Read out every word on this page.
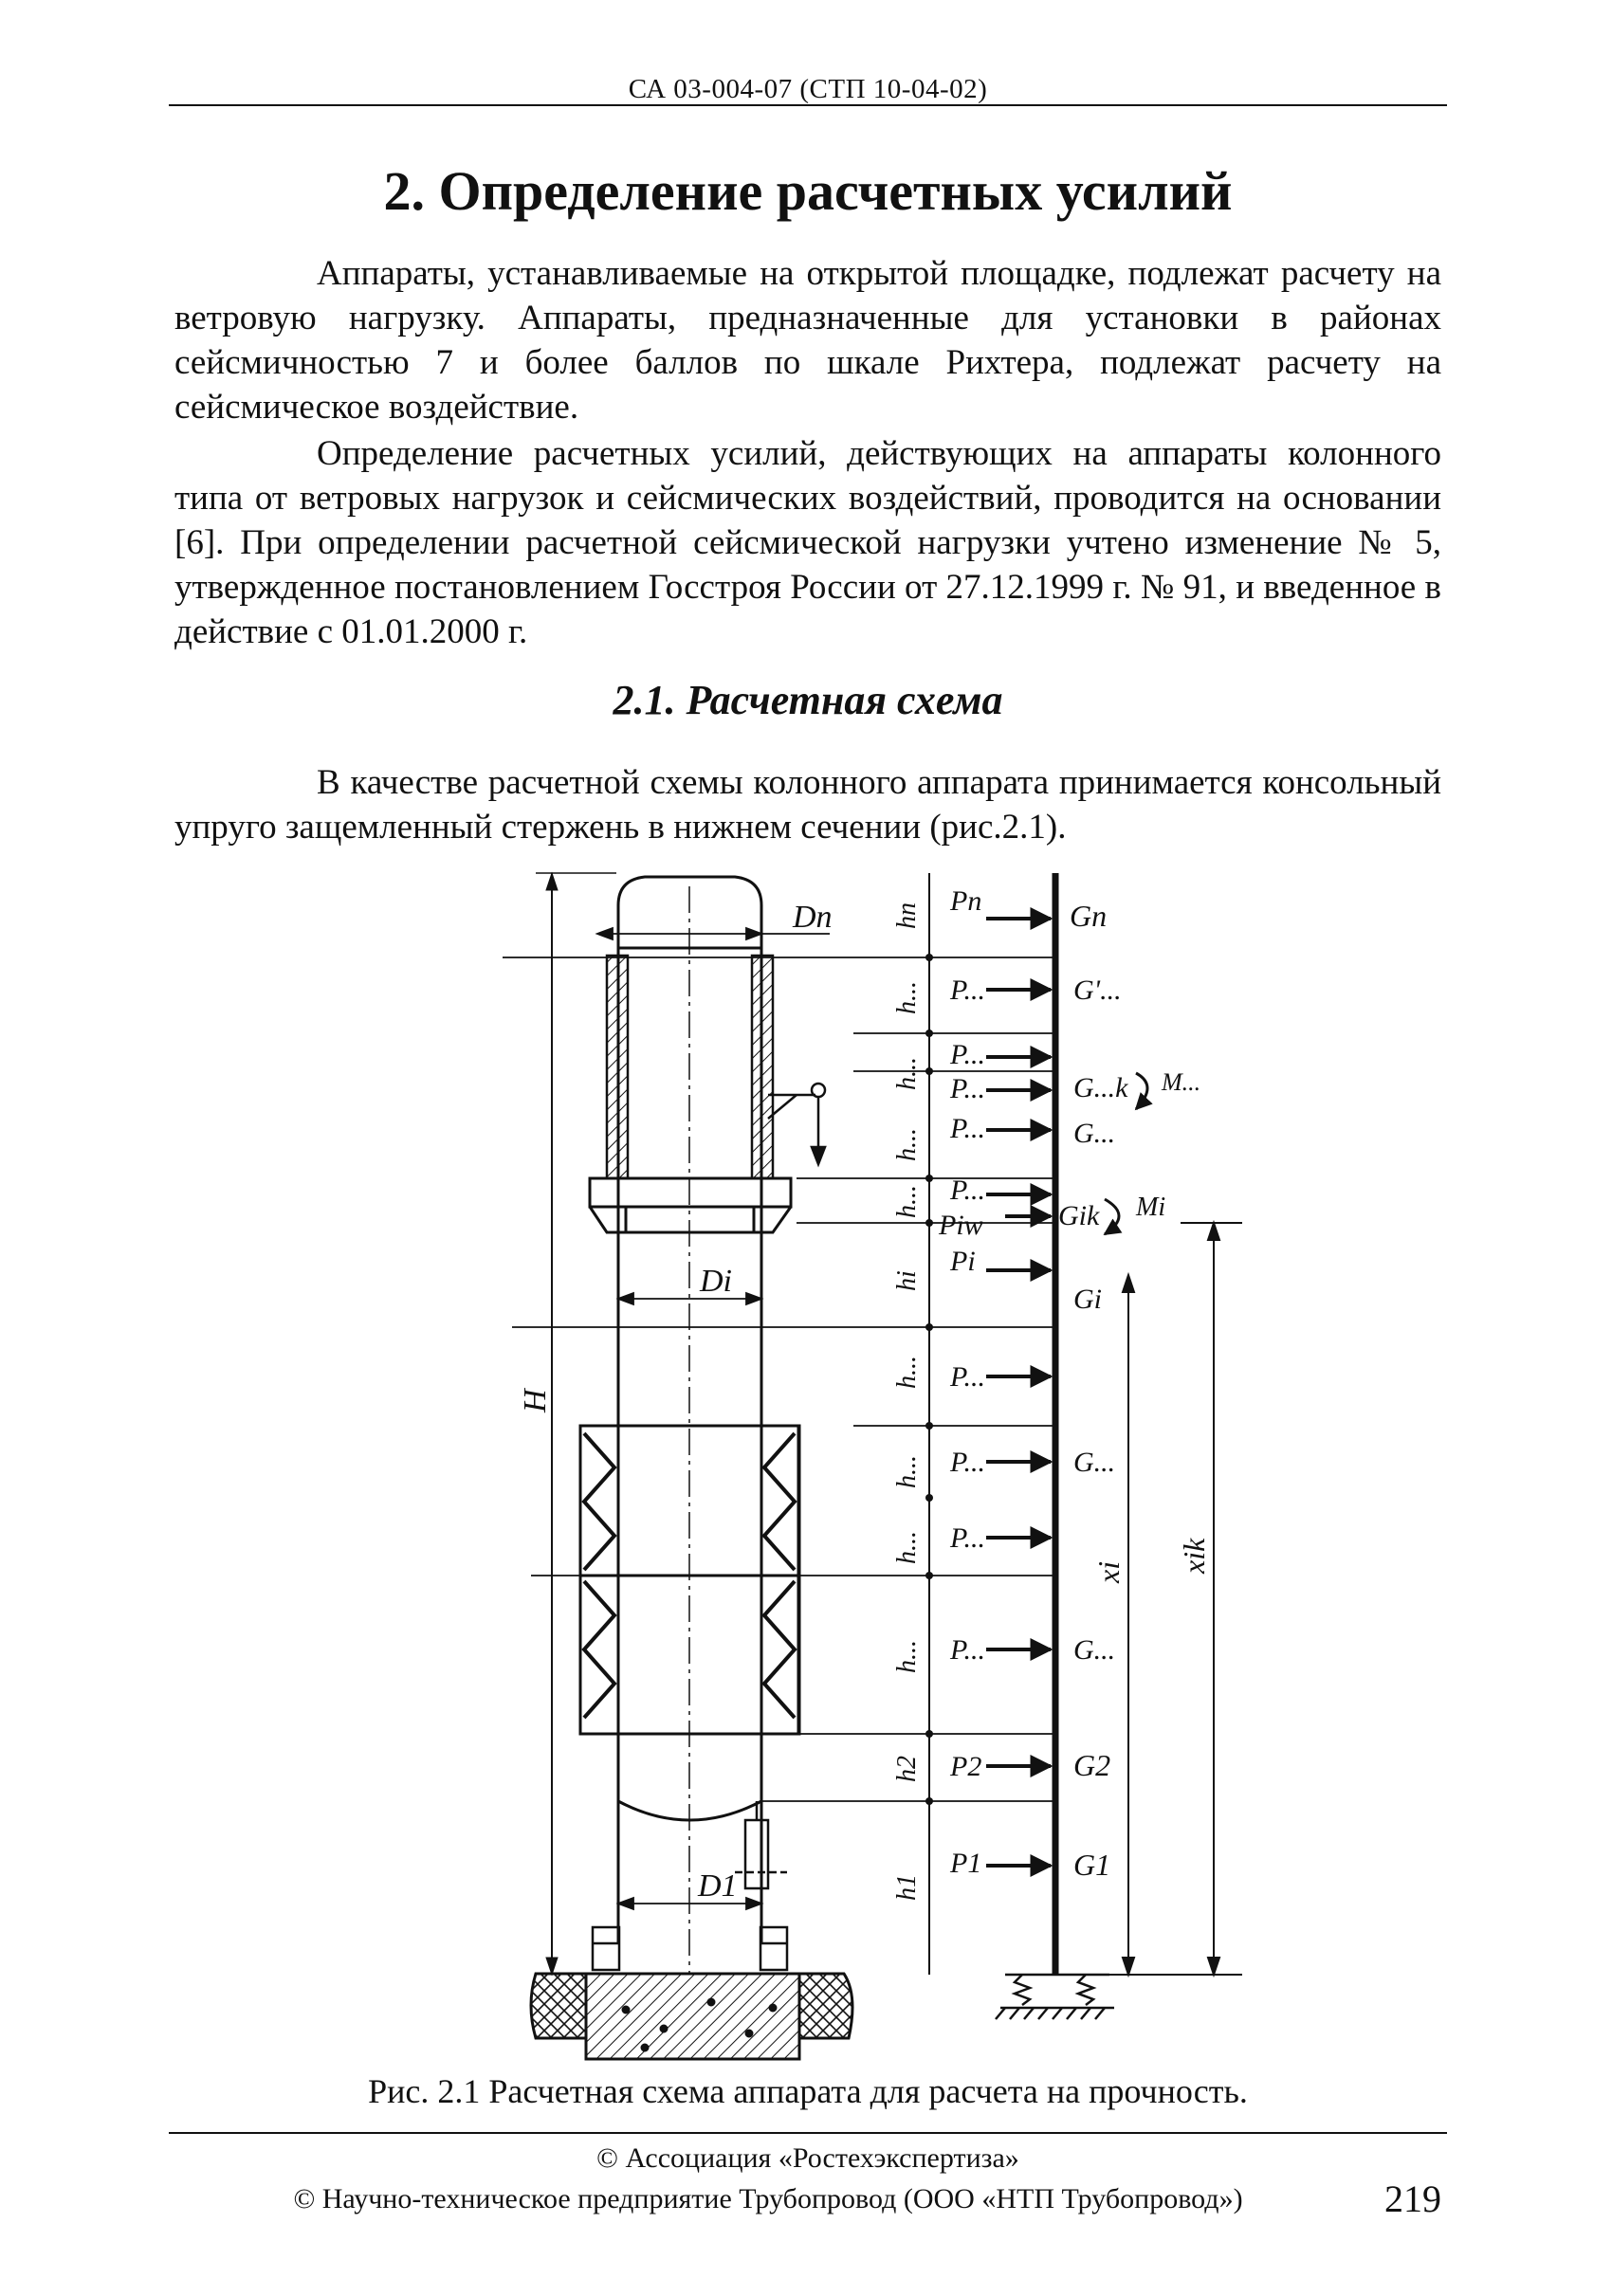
СА 03-004-07 (СТП 10-04-02)
2. Определение расчетных усилий
Аппараты, устанавливаемые на открытой площадке, подлежат расчету на ветровую нагрузку. Аппараты, предназначенные для установки в районах сейсмичностью 7 и более баллов по шкале Рихтера, подлежат расчету на сейсмическое воздействие.
Определение расчетных усилий, действующих на аппараты колонного типа от ветровых нагрузок и сейсмических воздействий, проводится на основании [6]. При определении расчетной сейсмической нагрузки учтено изменение № 5, утвержденное постановлением Госстроя России от 27.12.1999 г. № 91, и введенное в действие с 01.01.2000 г.
2.1. Расчетная схема
В качестве расчетной схемы колонного аппарата принимается консольный упруго защемленный стержень в нижнем сечении (рис.2.1).
Dn
Di
D1
H
hn
h...
h...
h...
h...
hi
h...
h...
h...
h...
h2
h1
Pn
P...
P...
P...
P...
P...
Piw
Pi
P...
P...
P...
P...
P2
P1
Gn
G'...
G...k
G...
Gik
Gi
G...
G...
G2
G1
M...
Mi
xi xik
Рис. 2.1 Расчетная схема аппарата для расчета на прочность.
© Ассоциация «Ростехэкспертиза»
© Научно-техническое предприятие Трубопровод (ООО «НТП Трубопровод»)	219
